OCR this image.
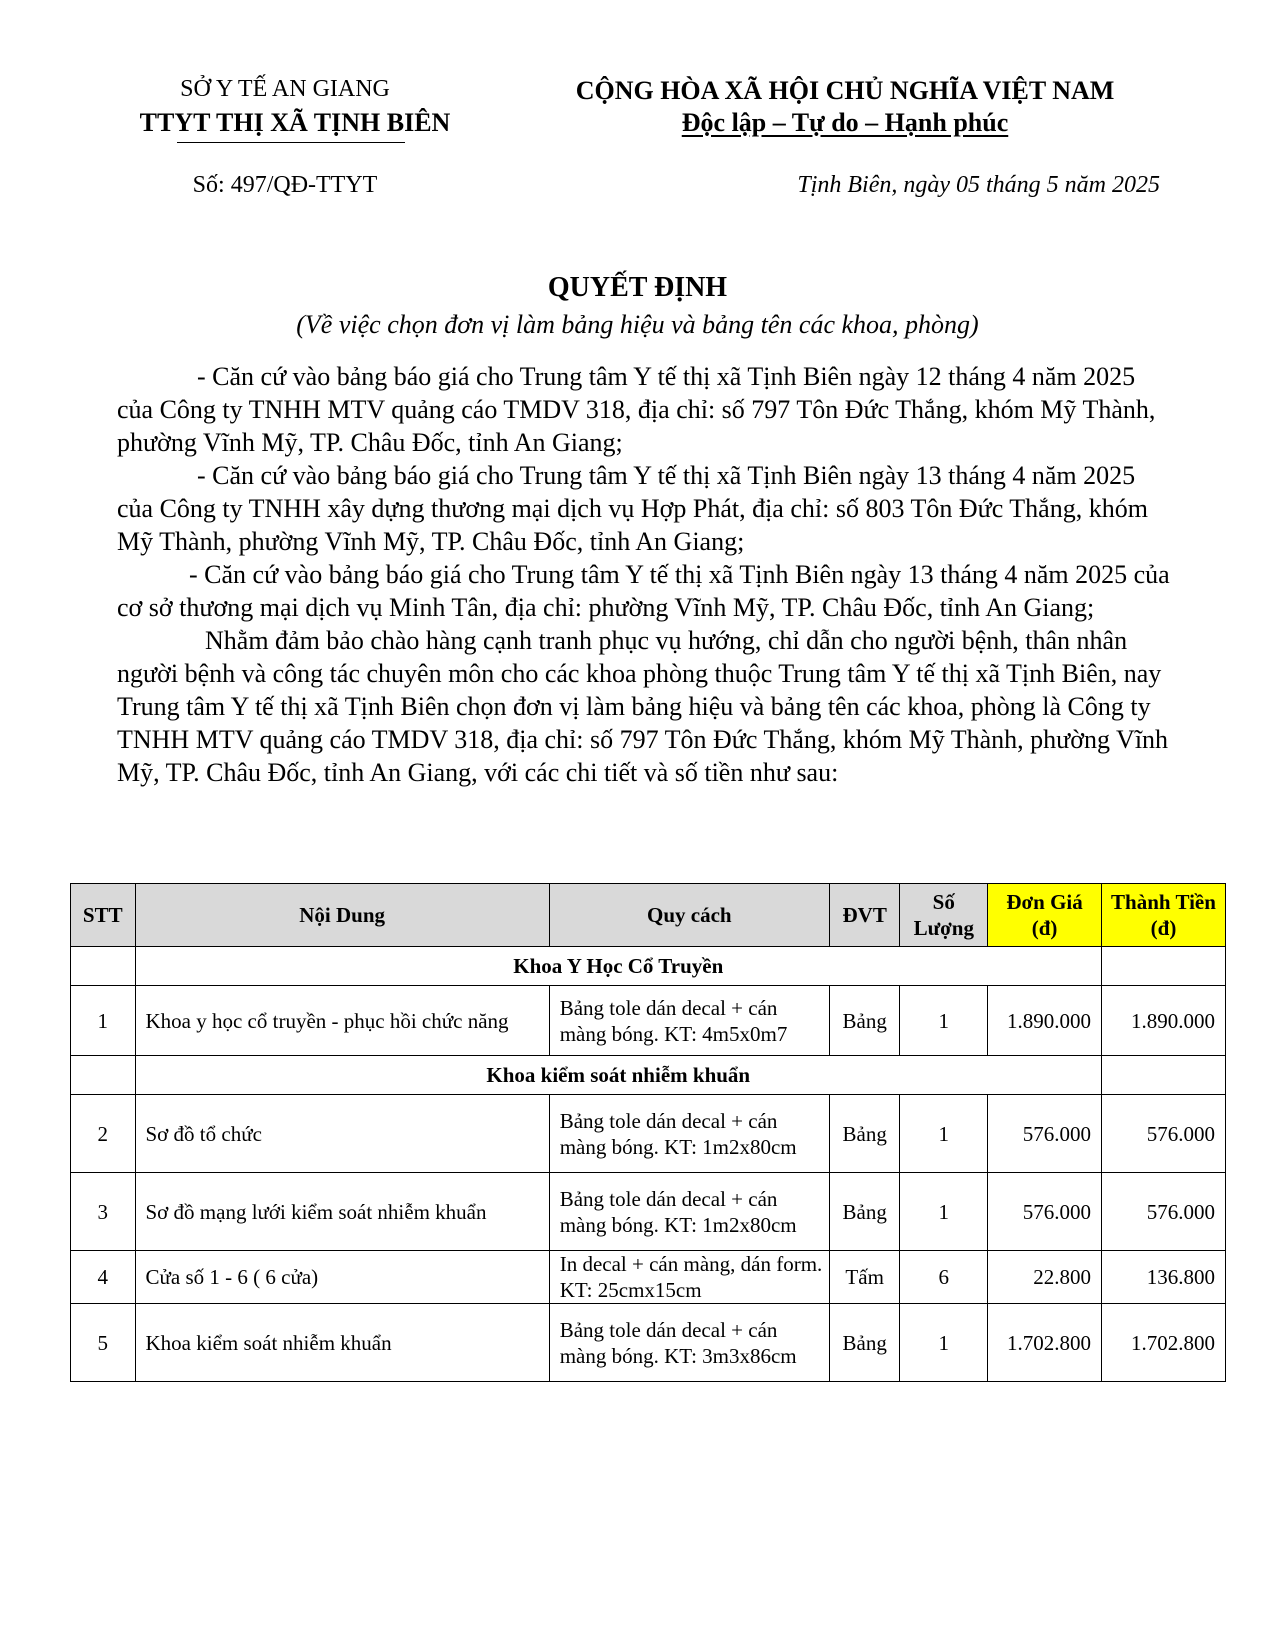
SỞ Y TẾ AN GIANG
TTYT THỊ XÃ TỊNH BIÊN
CỘNG HÒA XÃ HỘI CHỦ NGHĨA VIỆT NAM
Độc lập – Tự do – Hạnh phúc
Số: 497/QĐ-TTYT	Tịnh Biên, ngày 05 tháng 5 năm 2025
QUYẾT ĐỊNH
(Về việc chọn đơn vị làm bảng hiệu và bảng tên các khoa, phòng)

- Căn cứ vào bảng báo giá cho Trung tâm Y tế thị xã Tịnh Biên ngày 12 tháng 4 năm 2025 của Công ty TNHH MTV quảng cáo TMDV 318, địa chỉ: số 797 Tôn Đức Thắng, khóm Mỹ Thành, phường Vĩnh Mỹ, TP. Châu Đốc, tỉnh An Giang;

- Căn cứ vào bảng báo giá cho Trung tâm Y tế thị xã Tịnh Biên ngày 13 tháng 4 năm 2025 của Công ty TNHH xây dựng thương mại dịch vụ Hợp Phát, địa chỉ: số 803 Tôn Đức Thắng, khóm Mỹ Thành, phường Vĩnh Mỹ, TP. Châu Đốc, tỉnh An Giang;

- Căn cứ vào bảng báo giá cho Trung tâm Y tế thị xã Tịnh Biên ngày 13 tháng 4 năm 2025 của cơ sở thương mại dịch vụ Minh Tân, địa chỉ: phường Vĩnh Mỹ, TP. Châu Đốc, tỉnh An Giang;

Nhằm đảm bảo chào hàng cạnh tranh phục vụ hướng, chỉ dẫn cho người bệnh, thân nhân người bệnh và công tác chuyên môn cho các khoa phòng thuộc Trung tâm Y tế thị xã Tịnh Biên, nay Trung tâm Y tế thị xã Tịnh Biên chọn đơn vị làm bảng hiệu và bảng tên các khoa, phòng là Công ty TNHH MTV quảng cáo TMDV 318, địa chỉ: số 797 Tôn Đức Thắng, khóm Mỹ Thành, phường Vĩnh Mỹ, TP. Châu Đốc, tỉnh An Giang, với các chi tiết và số tiền như sau:

STT	Nội Dung	Quy cách	ĐVT	Số Lượng	Đơn Giá (đ)	Thành Tiền (đ)
	Khoa Y Học Cổ Truyền					
1	Khoa y học cổ truyền - phục hồi chức năng	Bảng tole dán decal + cán màng bóng. KT: 4m5x0m7	Bảng	1	1.890.000	1.890.000
	Khoa kiểm soát nhiễm khuẩn					
2	Sơ đồ tổ chức	Bảng tole dán decal + cán màng bóng. KT: 1m2x80cm	Bảng	1	576.000	576.000
3	Sơ đồ mạng lưới kiểm soát nhiễm khuẩn	Bảng tole dán decal + cán màng bóng. KT: 1m2x80cm	Bảng	1	576.000	576.000
4	Cửa số 1 - 6 ( 6 cửa)	In decal + cán màng, dán form. KT: 25cmx15cm	Tấm	6	22.800	136.800
5	Khoa kiểm soát nhiễm khuẩn	Bảng tole dán decal + cán màng bóng. KT: 3m3x86cm	Bảng	1	1.702.800	1.702.800
